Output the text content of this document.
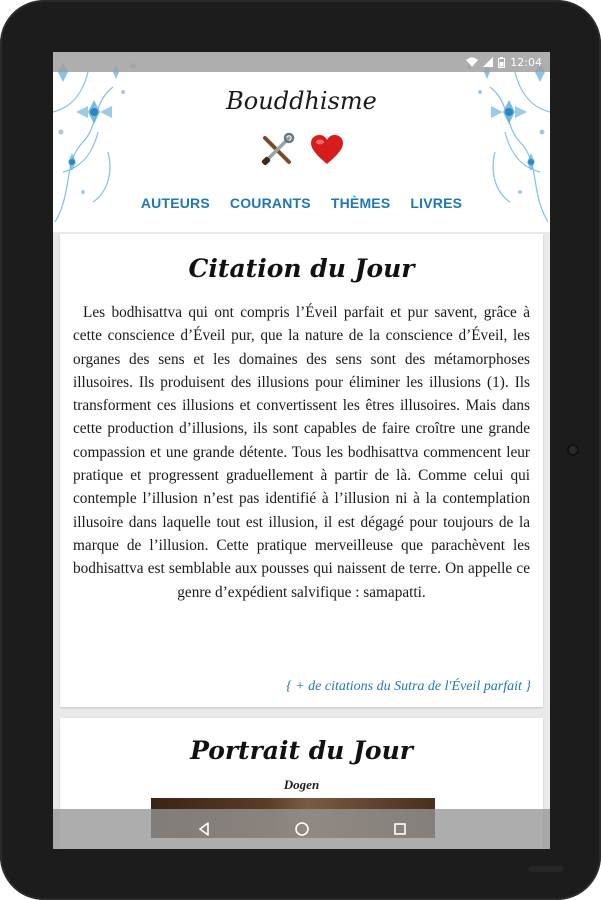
Bouddhisme
AUTEURS COURANTS THÈMES LIVRES
12:04
Citation du Jour

Les bodhisattva qui ont compris l’Éveil parfait et pur savent, grâce à cette conscience d’Éveil pur, que la nature de la conscience d’Éveil, les organes des sens et les domaines des sens sont des métamorphoses illusoires. Ils produisent des illusions pour éliminer les illusions (1). Ils transforment ces illusions et convertissent les êtres illusoires. Mais dans cette production d’illusions, ils sont capables de faire croître une grande compassion et une grande détente. Tous les bodhisattva commencent leur pratique et progressent graduellement à partir de là. Comme celui qui contemple l’illusion n’est pas identifié à l’illusion ni à la contemplation illusoire dans laquelle tout est illusion, il est dégagé pour toujours de la marque de l’illusion. Cette pratique merveilleuse que parachèvent les bodhisattva est semblable aux pousses qui naissent de terre. On appelle ce genre d’expédient salvifique : samapatti.

{ + de citations du Sutra de l'Éveil parfait }
Portrait du Jour
Dogen
